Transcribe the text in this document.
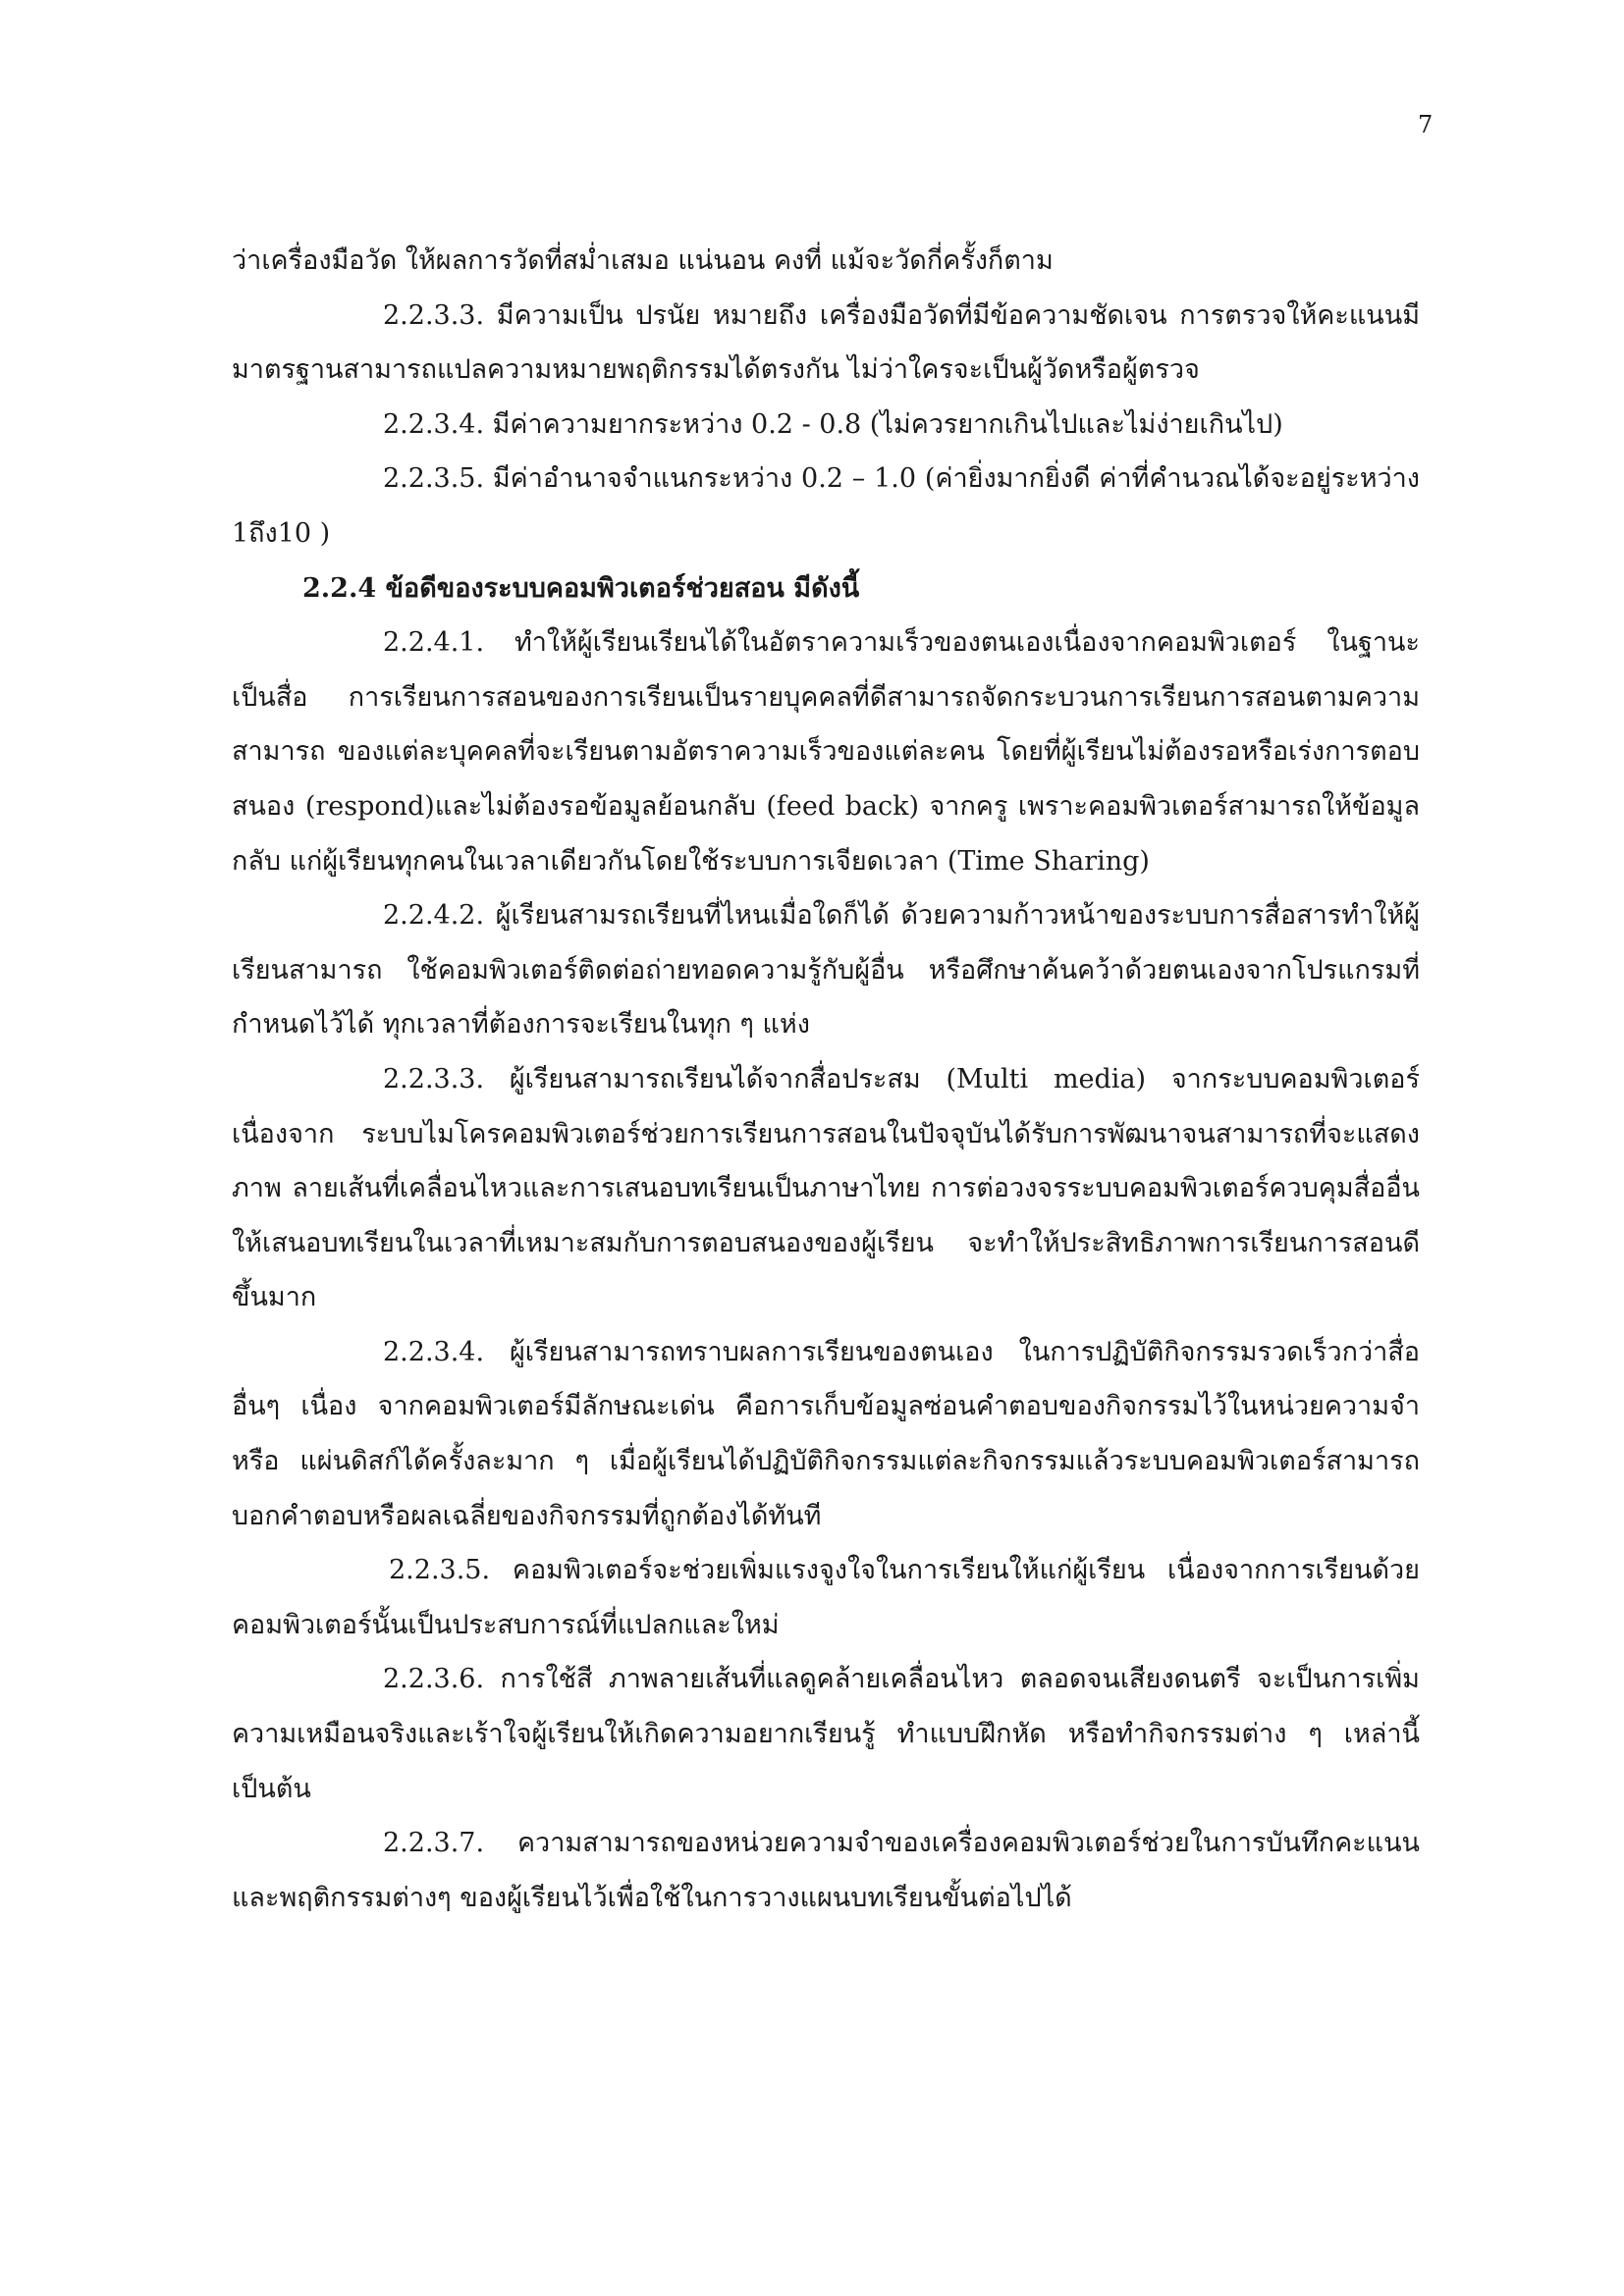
7

ว่าเครื่องมือวัด ให้ผลการวัดที่สม่ำเสมอ แน่นอน คงที่ แม้จะวัดกี่ครั้งก็ตาม

2.2.3.3. มีความเป็น ปรนัย หมายถึง เครื่องมือวัดที่มีข้อความชัดเจน การตรวจให้คะแนนมีมาตรฐานสามารถแปลความหมายพฤติกรรมได้ตรงกัน ไม่ว่าใครจะเป็นผู้วัดหรือผู้ตรวจ

2.2.3.4. มีค่าความยากระหว่าง 0.2 - 0.8 (ไม่ควรยากเกินไปและไม่ง่ายเกินไป)

2.2.3.5. มีค่าอำนาจจำแนกระหว่าง 0.2 – 1.0 (ค่ายิ่งมากยิ่งดี ค่าที่คำนวณได้จะอยู่ระหว่าง 1ถึง10 )

2.2.4 ข้อดีของระบบคอมพิวเตอร์ช่วยสอน มีดังนี้

2.2.4.1. ทำให้ผู้เรียนเรียนได้ในอัตราความเร็วของตนเองเนื่องจากคอมพิวเตอร์ ในฐานะเป็นสื่อ การเรียนการสอนของการเรียนเป็นรายบุคคลที่ดีสามารถจัดกระบวนการเรียนการสอนตามความสามารถ ของแต่ละบุคคลที่จะเรียนตามอัตราความเร็วของแต่ละคน โดยที่ผู้เรียนไม่ต้องรอหรือเร่งการตอบสนอง (respond)และไม่ต้องรอข้อมูลย้อนกลับ (feed back) จากครู เพราะคอมพิวเตอร์สามารถให้ข้อมูลกลับ แก่ผู้เรียนทุกคนในเวลาเดียวกันโดยใช้ระบบการเจียดเวลา (Time Sharing)

2.2.4.2. ผู้เรียนสามรถเรียนที่ไหนเมื่อใดก็ได้ ด้วยความก้าวหน้าของระบบการสื่อสารทำให้ผู้เรียนสามารถ ใช้คอมพิวเตอร์ติดต่อถ่ายทอดความรู้กับผู้อื่น หรือศึกษาค้นคว้าด้วยตนเองจากโปรแกรมที่กำหนดไว้ได้ ทุกเวลาที่ต้องการจะเรียนในทุก ๆ แห่ง

2.2.3.3. ผู้เรียนสามารถเรียนได้จากสื่อประสม (Multi media) จากระบบคอมพิวเตอร์ เนื่องจาก ระบบไมโครคอมพิวเตอร์ช่วยการเรียนการสอนในปัจจุบันได้รับการพัฒนาจนสามารถที่จะแสดงภาพ ลายเส้นที่เคลื่อนไหวและการเสนอบทเรียนเป็นภาษาไทย การต่อวงจรระบบคอมพิวเตอร์ควบคุมสื่ออื่น ให้เสนอบทเรียนในเวลาที่เหมาะสมกับการตอบสนองของผู้เรียน จะทำให้ประสิทธิภาพการเรียนการสอนดีขึ้นมาก

2.2.3.4. ผู้เรียนสามารถทราบผลการเรียนของตนเอง ในการปฏิบัติกิจกรรมรวดเร็วกว่าสื่ออื่นๆ เนื่อง จากคอมพิวเตอร์มีลักษณะเด่น คือการเก็บข้อมูลซ่อนคำตอบของกิจกรรมไว้ในหน่วยความจำ หรือ แผ่นดิสก์ได้ครั้งละมาก ๆ เมื่อผู้เรียนได้ปฏิบัติกิจกรรมแต่ละกิจกรรมแล้วระบบคอมพิวเตอร์สามารถบอกคำตอบหรือผลเฉลี่ยของกิจกรรมที่ถูกต้องได้ทันที

2.2.3.5. คอมพิวเตอร์จะช่วยเพิ่มแรงจูงใจในการเรียนให้แก่ผู้เรียน เนื่องจากการเรียนด้วยคอมพิวเตอร์นั้นเป็นประสบการณ์ที่แปลกและใหม่

2.2.3.6. การใช้สี ภาพลายเส้นที่แลดูคล้ายเคลื่อนไหว ตลอดจนเสียงดนตรี จะเป็นการเพิ่มความเหมือนจริงและเร้าใจผู้เรียนให้เกิดความอยากเรียนรู้ ทำแบบฝึกหัด หรือทำกิจกรรมต่าง ๆ เหล่านี้ เป็นต้น

2.2.3.7. ความสามารถของหน่วยความจำของเครื่องคอมพิวเตอร์ช่วยในการบันทึกคะแนนและพฤติกรรมต่างๆ ของผู้เรียนไว้เพื่อใช้ในการวางแผนบทเรียนขั้นต่อไปได้
